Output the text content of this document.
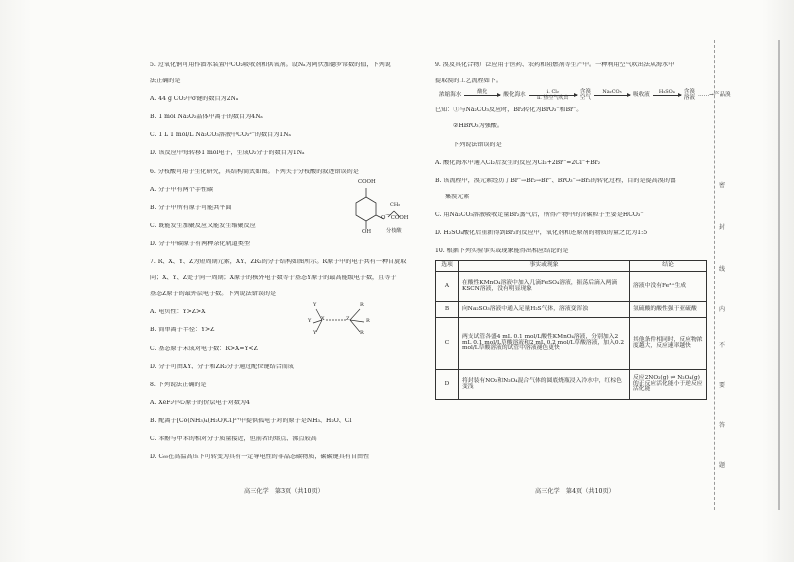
5. 过氧化钠可用作潜水装置中CO₂吸收剂和供氧剂。设Nₐ为阿伏加德罗常数的值，下列说
法正确的是
A. 44 g CO₂中σ键的数目为2Nₐ
B. 1 mol Na₂O₂晶体中离子的数目为4Nₐ
C. 1 L 1 mol/L Na₂CO₃溶液中CO₃²⁻的数目为1Nₐ
D. 该反应中每转移1 mol电子，生成O₂分子的数目为1Nₐ
6. 分枝酸可用于生化研究，其结构简式如图。下列关于分枝酸的叙述错误的是
A. 分子中有两个手性碳
B. 分子中所有原子可能共平面
C. 既能发生加聚反应又能发生缩聚反应
D. 分子中碳原子有两种杂化轨道类型
COOH
CH₂
O⌒COOH
OH	分枝酸
7. R、X、Y、Z为短周期元素，XY、ZR₂的分子结构如图所示。R原子中的电子共有一种自旋取
向；X、Y、Z处于同一周期；X原子的核外电子数等于基态Y原子的最高能级电子数，且等于
基态Z原子的最外层电子数。下列说法错误的是
A. 电负性：Y>Z>X
B. 简单离子半径：Y>Z
C. 基态原子未成对电子数：R>X=Y<Z
D. 分子可由XY、分子和ZR₂分子通过配位键结合而成
Y
Y
Y
X	Z
R
R
R
8. 下列说法正确的是
A. XeF₂中心原子的价层电子对数为4
B. 配离子[Co(NH₃)₄(H₂O)Cl]²⁺中提供孤电子对的原子是NH₃、H₂O、Cl
C. 苯酚与甲苯的相对分子质量接近，但前者的熔点、沸点较高
D. C₆₀在高温高压下可转变为具有一定导电性的非晶态碳物质，碳碳键具有自由性
高三化学　第3页（共10页）
9. 溴及其化合物广泛应用于医药、农药和阻燃剂等生产中。一种利用空气吹出法从海水中
提取溴的工艺流程如下。
浓缩海水	酸化
	酸化海水	i. Cl₂
ii. 热空气吹出
含溴
空气
Na₂CO₃
吸收液 H₂SO₄
含溴
溶液 ……→产品溴
已知：①与Na₂CO₃反应时，Br₂转化为BrO₃⁻和Br⁻。
②HBrO₃为强酸。
下列说法错误的是
A. 酸化海水中通入Cl₂后发生的反应为Cl₂+2Br⁻=2Cl⁻+Br₂
B. 该流程中，溴元素经历了Br⁻→Br₂→Br⁻、BrO₃⁻→Br₂的转化过程，目的是提高溴的富
集溴元素
C. 用Na₂CO₃溶液吸收足量Br₂蒸气后，所得产物中的含碳粒子主要是HCO₃⁻
D. H₂SO₄酸化后重新得到Br₂的反应中，氧化剂和还原剂的物质的量之比为1:5
10. 根据下列实验事实或现象能得出相应结论的是
选项	事实或现象	结论
A	在酸性KMnO₄溶液中加入几滴FeSO₄溶液，振荡后滴入两滴KSCN溶液，没有明显现象	溶液中没有Fe³⁺生成
B	向Na₂SO₃溶液中通入足量H₂S气体，溶液变浑浊	氢硫酸的酸性强于亚硫酸
C	两支试管各盛4 mL 0.1 mol/L酸性KMnO₄溶液，分别加入2 mL 0.1 mol/L草酸溶液和2 mL 0.2 mol/L草酸溶液，加入0.2 mol/L草酸溶液的试管中溶液褪色更快	其他条件相同时，反应物浓度越大，反应速率越快
D	将封装有NO₂和N₂O₄混合气体的圆底烧瓶浸入冷水中，红棕色变浅	反应2NO₂(g) ⇌ N₂O₄(g)的正反应活化能小于逆反应活化能
高三化学　第4页（共10页）
密
封
线
内
不
要
答
题
